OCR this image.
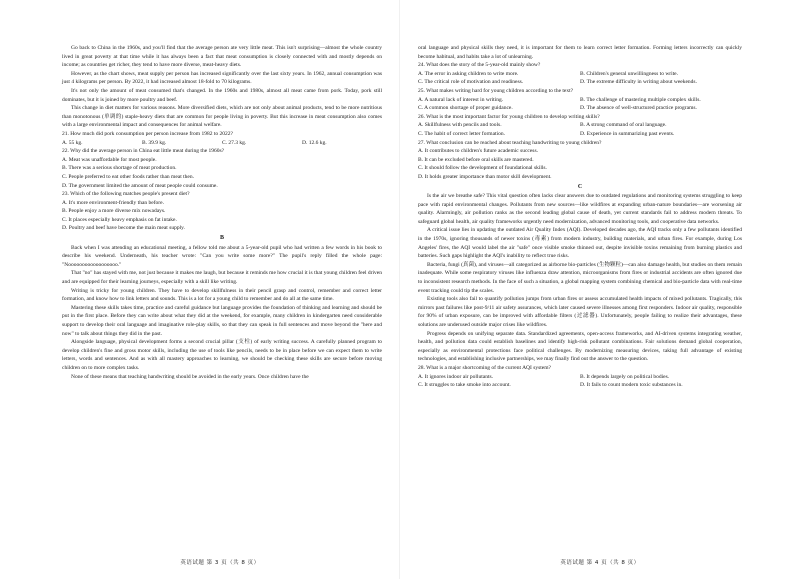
Go back to China in the 1960s, and you'll find that the average person ate very little meat. This isn't surprising—almost the whole country lived in great poverty at that time while it has always been a fact that meat consumption is closely connected with and mostly depends on income; as countries get richer, they tend to have more diverse, meat-heavy diets.

However, as the chart shows, meat supply per person has increased significantly over the last sixty years. In 1962, annual consumption was just 4 kilograms per person. By 2022, it had increased almost 18-fold to 70 kilograms.

It's not only the amount of meat consumed that's changed. In the 1960s and 1980s, almost all meat came from pork. Today, pork still dominates, but it is joined by more poultry and beef.

This change in diet matters for various reasons. More diversified diets, which are not only about animal products, tend to be more nutritious than monotonous (单调的) staple-heavy diets that are common for people living in poverty. But this increase in meat consumption also comes with a large environmental impact and consequences for animal welfare.

21. How much did pork consumption per person increase from 1982 to 2022?
A. 55 kg.	B. 39.9 kg.	C. 27.3 kg.	D. 12.6 kg.
22. Why did the average person in China eat little meat during the 1960s?
A. Meat was unaffordable for most people.
B. There was a serious shortage of meat production.
C. People preferred to eat other foods rather than meat then.
D. The government limited the amount of meat people could consume.
23. Which of the following matches people's present diet?
A. It's more environment-friendly than before.
B. People enjoy a more diverse mix nowadays.
C. It places especially heavy emphasis on fat intake.
D. Poultry and beef have become the main meat supply.
B

Back when I was attending an educational meeting, a fellow told me about a 5-year-old pupil who had written a few words in his book to describe his weekend. Underneath, his teacher wrote: "Can you write some more?" The pupil's reply filled the whole page: "Noooooooooooooooooo."

That "no" has stayed with me, not just because it makes me laugh, but because it reminds me how crucial it is that young children feel driven and are equipped for their learning journeys, especially with a skill like writing.

Writing is tricky for young children. They have to develop skillfulness in their pencil grasp and control, remember and correct letter formation, and know how to link letters and sounds. This is a lot for a young child to remember and do all at the same time.

Mastering these skills takes time, practice and careful guidance but language provides the foundation of thinking and learning and should be put in the first place. Before they can write about what they did at the weekend, for example, many children in kindergarten need considerable support to develop their oral language and imaginative role-play skills, so that they can speak in full sentences and move beyond the "here and now" to talk about things they did in the past.

Alongside language, physical development forms a second crucial pillar (支柱) of early writing success. A carefully planned program to develop children's fine and gross motor skills, including the use of tools like pencils, needs to be in place before we can expect them to write letters, words and sentences. And as with all mastery approaches to learning, we should be checking these skills are secure before moving children on to more complex tasks.

None of these means that teaching handwriting should be avoided in the early years. Once children have the

英语试题 第 3 页（共 8 页）

oral language and physical skills they need, it is important for them to learn correct letter formation. Forming letters incorrectly can quickly become habitual, and habits take a lot of unlearning.

24. What does the story of the 5-year-old mainly show?
A. The error in asking children to write more.	B. Children's general unwillingness to write.
C. The critical role of motivation and readiness.	D. The extreme difficulty in writing about weekends.
25. What makes writing hard for young children according to the text?
A. A natural lack of interest in writing.	B. The challenge of mastering multiple complex skills.
C. A common shortage of proper guidance.	D. The absence of well-structured practice programs.
26. What is the most important factor for young children to develop writing skills?
A. Skillfulness with pencils and tools.	B. A strong command of oral language.
C. The habit of correct letter formation.	D. Experience in summarizing past events.
27. What conclusion can be reached about teaching handwriting to young children?
A. It contributes to children's future academic success.
B. It can be excluded before oral skills are mastered.
C. It should follow the development of foundational skills.
D. It holds greater importance than motor skill development.
C

Is the air we breathe safe? This vital question often lacks clear answers due to outdated regulations and monitoring systems struggling to keep pace with rapid environmental changes. Pollutants from new sources—like wildfires at expanding urban-nature boundaries—are worsening air quality. Alarmingly, air pollution ranks as the second leading global cause of death, yet current standards fail to address modern threats. To safeguard global health, air quality frameworks urgently need modernization, advanced monitoring tools, and cooperative data networks.

A critical issue lies in updating the outdated Air Quality Index (AQI). Developed decades ago, the AQI tracks only a few pollutants identified in the 1970s, ignoring thousands of newer toxins (毒素) from modern industry, building materials, and urban fires. For example, during Los Angeles' fires, the AQI would label the air "safe" once visible smoke thinned out, despite invisible toxins remaining from burning plastics and batteries. Such gaps highlight the AQI's inability to reflect true risks.

Bacteria, fungi (真菌), and viruses—all categorized as airborne bio-particles (生物颗粒)—can also damage health, but studies on them remain inadequate. While some respiratory viruses like influenza draw attention, microorganisms from fires or industrial accidents are often ignored due to inconsistent research methods. In the face of such a situation, a global mapping system combining chemical and bio-particle data with real-time event tracking could tip the scales.

Existing tools also fail to quantify pollution jumps from urban fires or assess accumulated health impacts of mixed pollutants. Tragically, this mirrors past failures like post-9/11 air safety assurances, which later caused severe illnesses among first responders. Indoor air quality, responsible for 90% of urban exposure, can be improved with affordable filters (过滤器). Unfortunately, people failing to realize their advantages, these solutions are underused outside major crises like wildfires.

Progress depends on unifying separate data. Standardized agreements, open-access frameworks, and AI-driven systems integrating weather, health, and pollution data could establish baselines and identify high-risk pollutant combinations. Fair solutions demand global cooperation, especially as environmental protections face political challenges. By modernizing measuring devices, taking full advantage of existing technologies, and establishing inclusive partnerships, we may finally find out the answer to the question.

28. What is a major shortcoming of the current AQI system?
A. It ignores indoor air pollutants.	B. It depends largely on political bodies.
C. It struggles to take smoke into account.	D. It fails to count modern toxic substances in.
英语试题 第 4 页（共 8 页）
